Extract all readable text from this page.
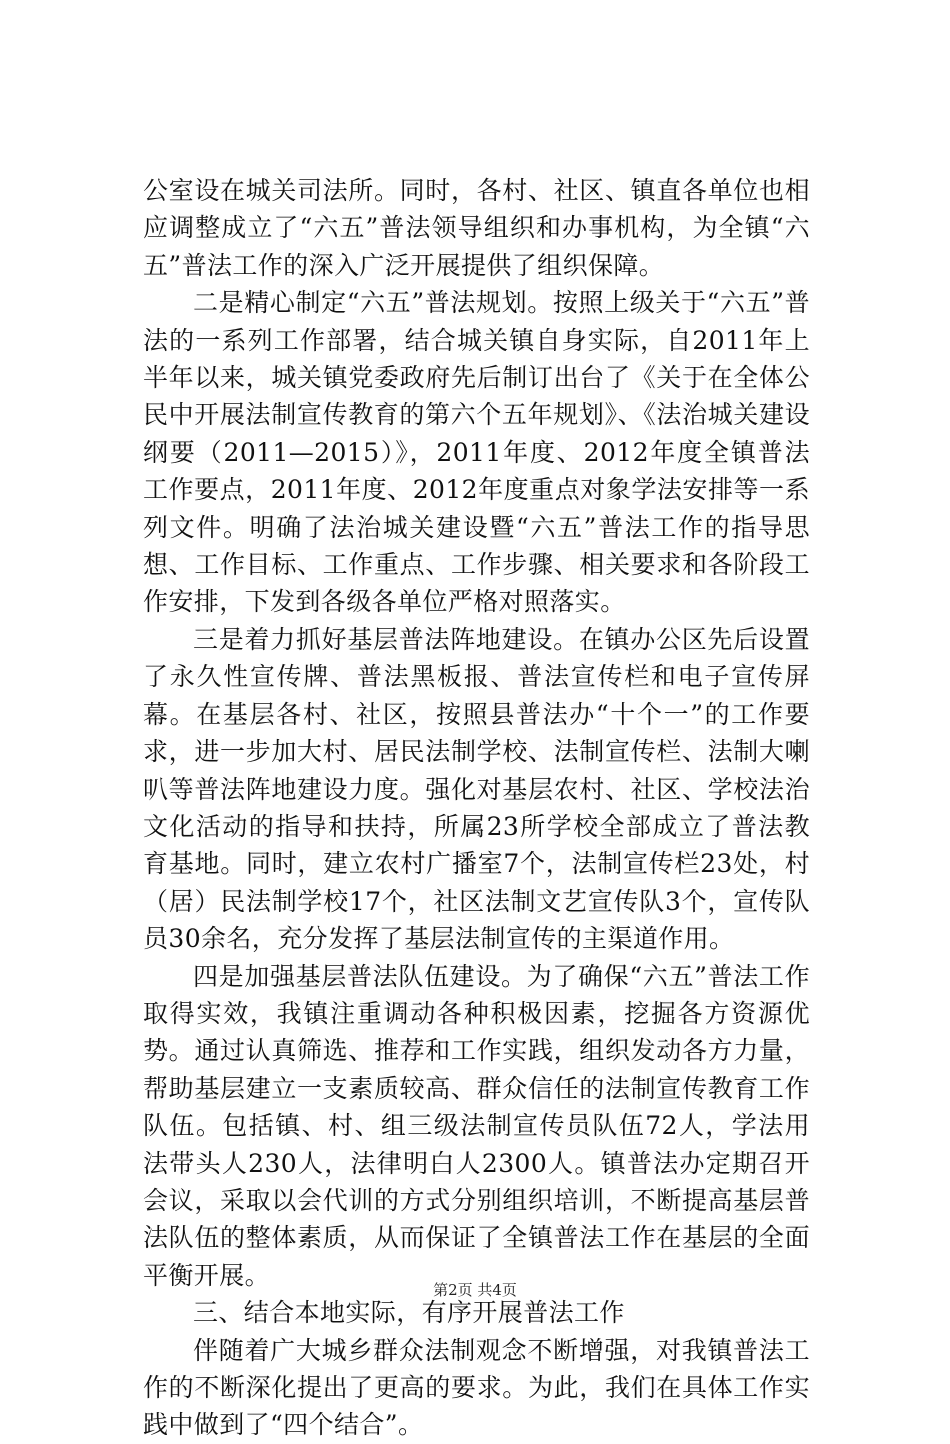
公室设在城关司法所。同时，各村、社区、镇直各单位也相应调整成立了“六五”普法领导组织和办事机构，为全镇“六五”普法工作的深入广泛开展提供了组织保障。

二是精心制定“六五”普法规划。按照上级关于“六五”普法的一系列工作部署，结合城关镇自身实际，自2011年上半年以来，城关镇党委政府先后制订出台了《关于在全体公民中开展法制宣传教育的第六个五年规划》、《法治城关建设纲要（2011—2015）》，2011年度、2012年度全镇普法工作要点，2011年度、2012年度重点对象学法安排等一系列文件。明确了法治城关建设暨“六五”普法工作的指导思想、工作目标、工作重点、工作步骤、相关要求和各阶段工作安排，下发到各级各单位严格对照落实。

三是着力抓好基层普法阵地建设。在镇办公区先后设置了永久性宣传牌、普法黑板报、普法宣传栏和电子宣传屏幕。在基层各村、社区，按照县普法办“十个一”的工作要求，进一步加大村、居民法制学校、法制宣传栏、法制大喇叭等普法阵地建设力度。强化对基层农村、社区、学校法治文化活动的指导和扶持，所属23所学校全部成立了普法教育基地。同时，建立农村广播室7个，法制宣传栏23处，村（居）民法制学校17个，社区法制文艺宣传队3个，宣传队员30余名，充分发挥了基层法制宣传的主渠道作用。

四是加强基层普法队伍建设。为了确保“六五”普法工作取得实效，我镇注重调动各种积极因素，挖掘各方资源优势。通过认真筛选、推荐和工作实践，组织发动各方力量，帮助基层建立一支素质较高、群众信任的法制宣传教育工作队伍。包括镇、村、组三级法制宣传员队伍72人，学法用法带头人230人，法律明白人2300人。镇普法办定期召开会议，采取以会代训的方式分别组织培训，不断提高基层普法队伍的整体素质，从而保证了全镇普法工作在基层的全面平衡开展。

三、结合本地实际，有序开展普法工作

伴随着广大城乡群众法制观念不断增强，对我镇普法工作的不断深化提出了更高的要求。为此，我们在具体工作实践中做到了“四个结合”。

第2页 共4页
